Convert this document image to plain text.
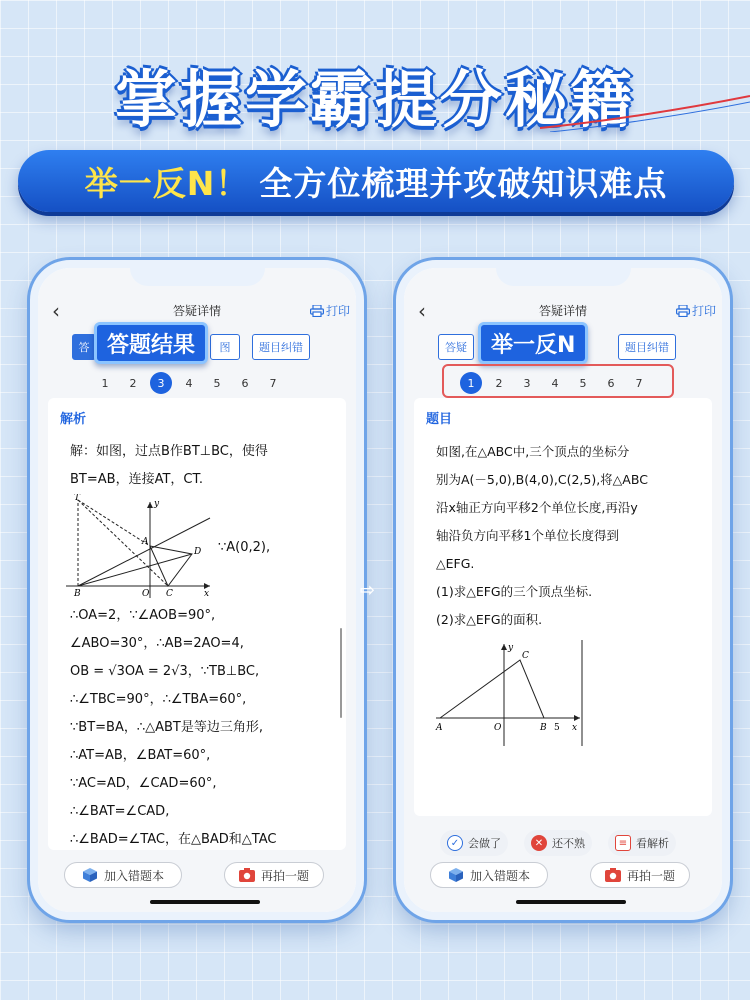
掌握学霸提分秘籍
举一反N！ 全方位梳理并攻破知识难点
‹	答疑详情	打印
答	图	题目纠错
答题结果
1	2	3	4	5	6	7
解析

解：如图，过点B作BT⊥BC，使得

BT=AB，连接AT，CT.

T
y
A
D
B	O C	x
∵A(0,2),

∴OA=2，∵∠AOB=90°,

∠ABO=30°，∴AB=2AO=4,

OB = √3OA = 2√3，∵TB⊥BC,

∴∠TBC=90°，∴∠TBA=60°,

∵BT=BA，∴△ABT是等边三角形,

∴AT=AB，∠BAT=60°,

∵AC=AD，∠CAD=60°,

∴∠BAT=∠CAD,

∴∠BAD=∠TAC，在△BAD和△TAC

加入错题本	再拍一题
⇨
‹	答疑详情	打印
答疑	题目纠错
举一反N
1	2	3	4	5	6	7
题目

如图,在△ABC中,三个顶点的坐标分

别为A(－5,0),B(4,0),C(2,5),将△ABC

沿x轴正方向平移2个单位长度,再沿y

轴沿负方向平移1个单位长度得到

△EFG.

(1)求△EFG的三个顶点坐标.

(2)求△EFG的面积.

y
C
A	O	B 5 x
✓ 会做了	✕ 还不熟	≡ 看解析
加入错题本	再拍一题
